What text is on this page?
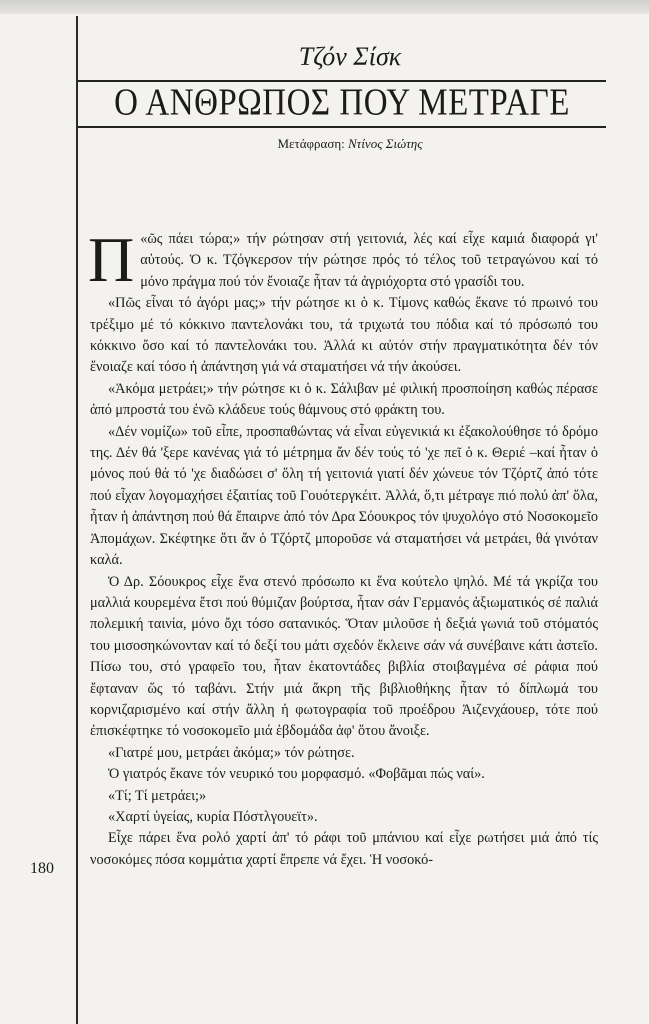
Τζόν Σίσκ
Ο ΑΝΘΡΩΠΟΣ ΠΟΥ ΜΕΤΡΑΓΕ
Μετάφραση: Ντίνος Σιώτης

«
Π ῶς πάει τώρα;» τήν ρώτησαν στή γειτονιά, λές καί εἶχε καμιά διαφορά γι' αὐτούς. Ὁ κ. Τζόγκερσον τήν ρώτησε πρός τό τέλος τοῦ τετραγώνου καί τό μόνο πράγμα πού τόν ἔνοιαζε ἦταν τά ἀγριόχορτα στό γρασίδι του.

«Πῶς εἶναι τό ἀγόρι μας;» τήν ρώτησε κι ὁ κ. Τίμονς καθώς ἔκανε τό πρωινό του τρέξιμο μέ τό κόκκινο παντελονάκι του, τά τριχωτά του πόδια καί τό πρόσωπό του κόκκινο ὅσο καί τό παντελονάκι του. Ἀλλά κι αὐτόν στήν πραγματικότητα δέν τόν ἔνοιαζε καί τόσο ἡ ἀπάντηση γιά νά σταματήσει νά τήν ἀκούσει.

«Ἀκόμα μετράει;» τήν ρώτησε κι ὁ κ. Σάλιβαν μέ φιλική προσποίηση καθώς πέρασε ἀπό μπροστά του ἐνῶ κλάδευε τούς θάμνους στό φράκτη του.

«Δέν νομίζω» τοῦ εἶπε, προσπαθώντας νά εἶναι εὐγενικιά κι ἐξακολούθησε τό δρόμο της. Δέν θά 'ξερε κανένας γιά τό μέτρημα ἄν δέν τούς τό 'χε πεῖ ὁ κ. Θεριέ –καί ἦταν ὁ μόνος πού θά τό 'χε διαδώσει σ' ὅλη τή γειτονιά γιατί δέν χώνευε τόν Τζόρτζ ἀπό τότε πού εἶχαν λογομαχήσει ἐξαιτίας τοῦ Γουότεργκέιτ. Ἀλλά, ὅ,τι μέτραγε πιό πολύ ἀπ' ὅλα, ἦταν ἡ ἀπάντηση πού θά ἔπαιρνε ἀπό τόν Δρα Σόουκρος τόν ψυχολόγο στό Νοσοκομεῖο Ἀπομάχων. Σκέφτηκε ὅτι ἄν ὁ Τζόρτζ μποροῦσε νά σταματήσει νά μετράει, θά γινόταν καλά.

Ὁ Δρ. Σόουκρος εἶχε ἕνα στενό πρόσωπο κι ἕνα κούτελο ψηλό. Μέ τά γκρίζα του μαλλιά κουρεμένα ἔτσι πού θύμιζαν βούρτσα, ἦταν σάν Γερμανός ἀξιωματικός σέ παλιά πολεμική ταινία, μόνο ὄχι τόσο σατανικός. Ὅταν μιλοῦσε ἡ δεξιά γωνιά τοῦ στόματός του μισοσηκώνονταν καί τό δεξί του μάτι σχεδόν ἔκλεινε σάν νά συνέβαινε κάτι ἀστεῖο. Πίσω του, στό γραφεῖο του, ἦταν ἑκατοντάδες βιβλία στοιβαγμένα σέ ράφια πού ἔφταναν ὥς τό ταβάνι. Στήν μιά ἄκρη τῆς βιβλιοθήκης ἦταν τό δίπλωμά του κορνιζαρισμένο καί στήν ἄλλη ἡ φωτογραφία τοῦ προέδρου Ἀιζενχάουερ, τότε πού ἐπισκέφτηκε τό νοσοκομεῖο μιά ἑβδομάδα ἀφ' ὅτου ἄνοιξε.

«Γιατρέ μου, μετράει ἀκόμα;» τόν ρώτησε.

Ὁ γιατρός ἔκανε τόν νευρικό του μορφασμό. «Φοβᾶμαι πώς ναί».

«Τί; Τί μετράει;»

«Χαρτί ὑγείας, κυρία Πόστλγουεϊτ».

Εἶχε πάρει ἕνα ρολό χαρτί ἀπ' τό ράφι τοῦ μπάνιου καί εἶχε ρωτήσει μιά ἀπό τίς νοσοκόμες πόσα κομμάτια χαρτί ἔπρεπε νά ἔχει. Ἡ νοσοκό-

180
